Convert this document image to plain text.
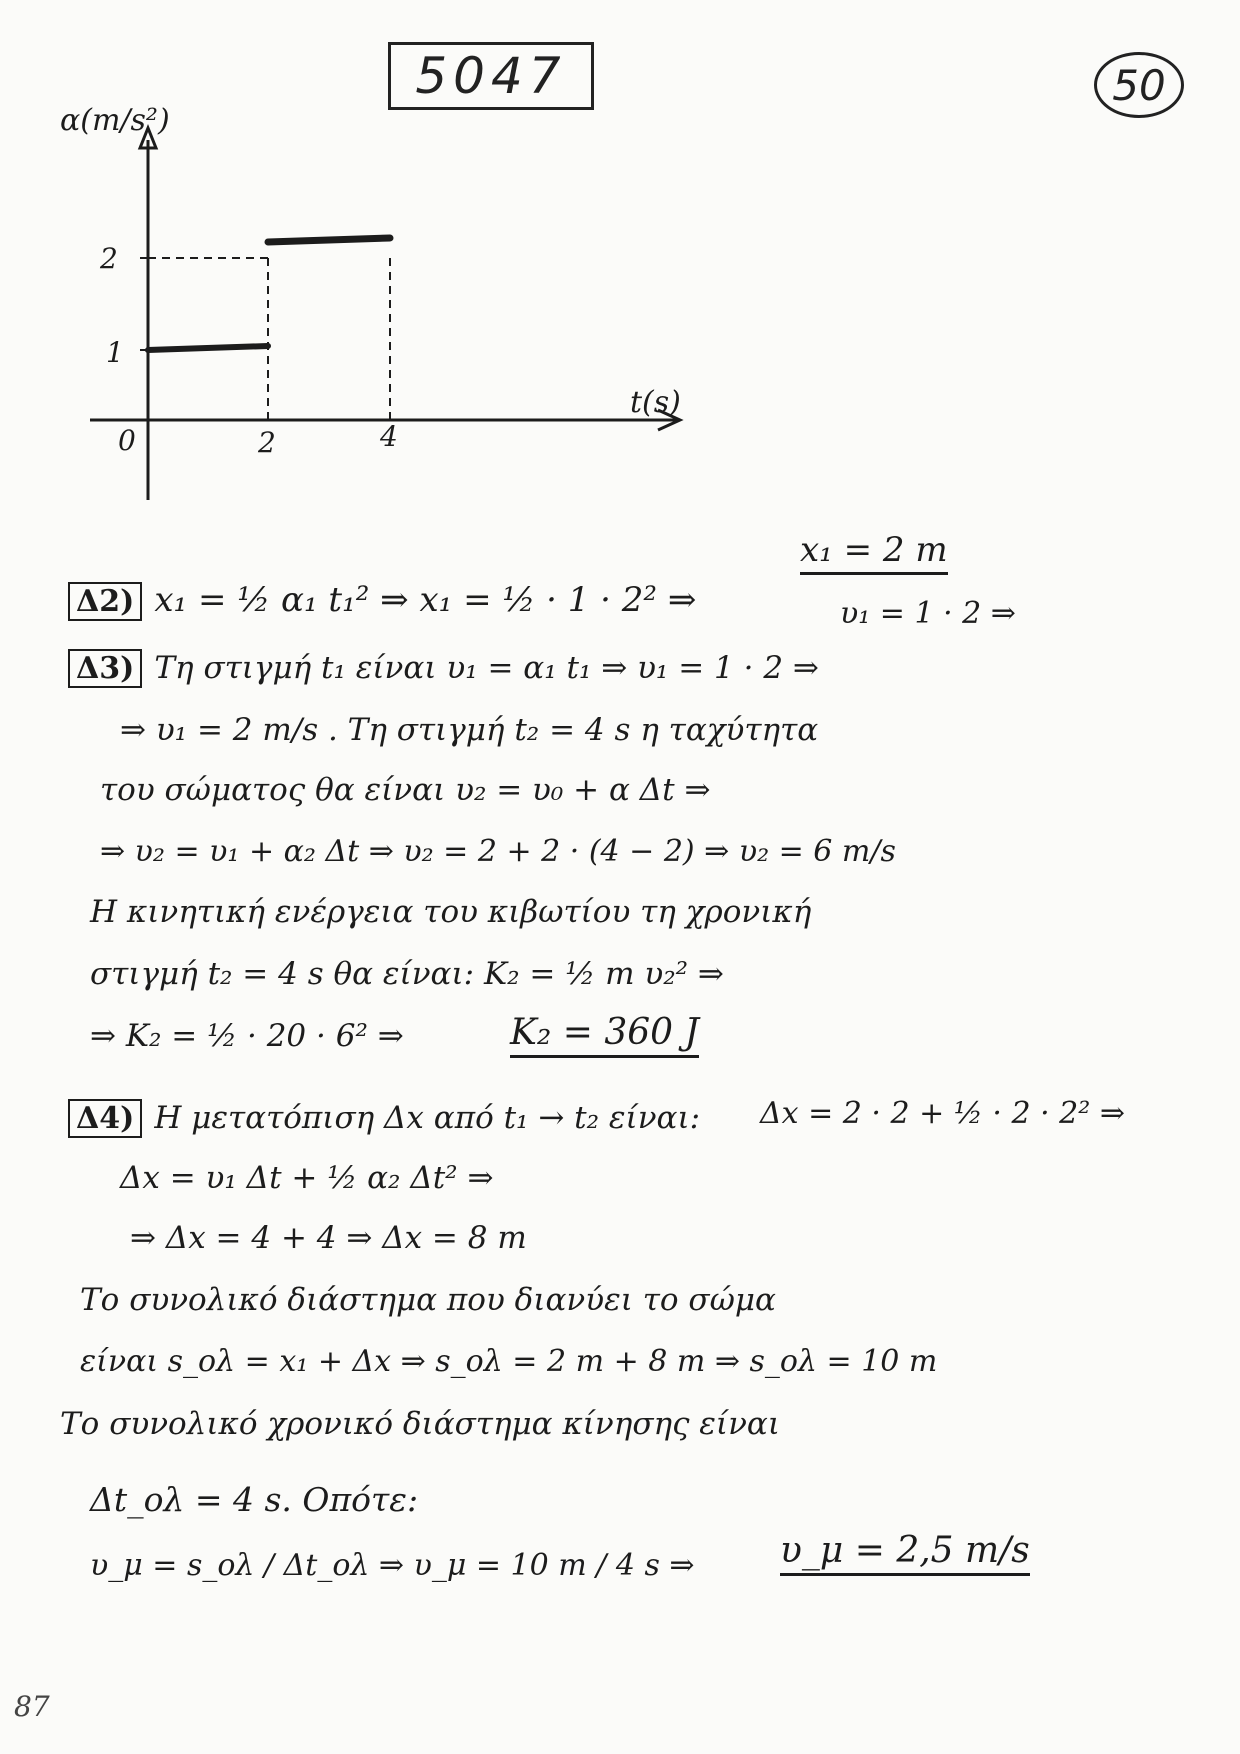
5047	50
α(m/s²)
t(s)
2
1
0	2	4
Δ2) x₁ = ½ α₁ t₁² ⇒ x₁ = ½ · 1 · 2² ⇒
x₁ = 2 m
υ₁ = 1 · 2 ⇒
Δ3) Τη στιγμή t₁ είναι υ₁ = α₁ t₁ ⇒ υ₁ = 1 · 2 ⇒
⇒ υ₁ = 2 m/s . Τη στιγμή t₂ = 4 s η ταχύτητα
του σώματος θα είναι υ₂ = υ₀ + α Δt ⇒
⇒ υ₂ = υ₁ + α₂ Δt ⇒ υ₂ = 2 + 2 · (4 − 2) ⇒ υ₂ = 6 m/s
Η κινητική ενέργεια του κιβωτίου τη χρονική
στιγμή t₂ = 4 s θα είναι: K₂ = ½ m υ₂² ⇒
⇒ K₂ = ½ · 20 · 6² ⇒	K₂ = 360 J
Δ4) Η μετατόπιση Δx από t₁ → t₂ είναι: Δx = 2 · 2 + ½ · 2 · 2² ⇒
Δx = υ₁ Δt + ½ α₂ Δt² ⇒
⇒ Δx = 4 + 4 ⇒ Δx = 8 m
Το συνολικό διάστημα που διανύει το σώμα
είναι s_ολ = x₁ + Δx ⇒ s_ολ = 2 m + 8 m ⇒ s_ολ = 10 m
Το συνολικό χρονικό διάστημα κίνησης είναι
Δt_ολ = 4 s. Οπότε:
υ_μ = s_ολ / Δt_ολ ⇒ υ_μ = 10 m / 4 s ⇒ υ_μ = 2,5 m/s
87
